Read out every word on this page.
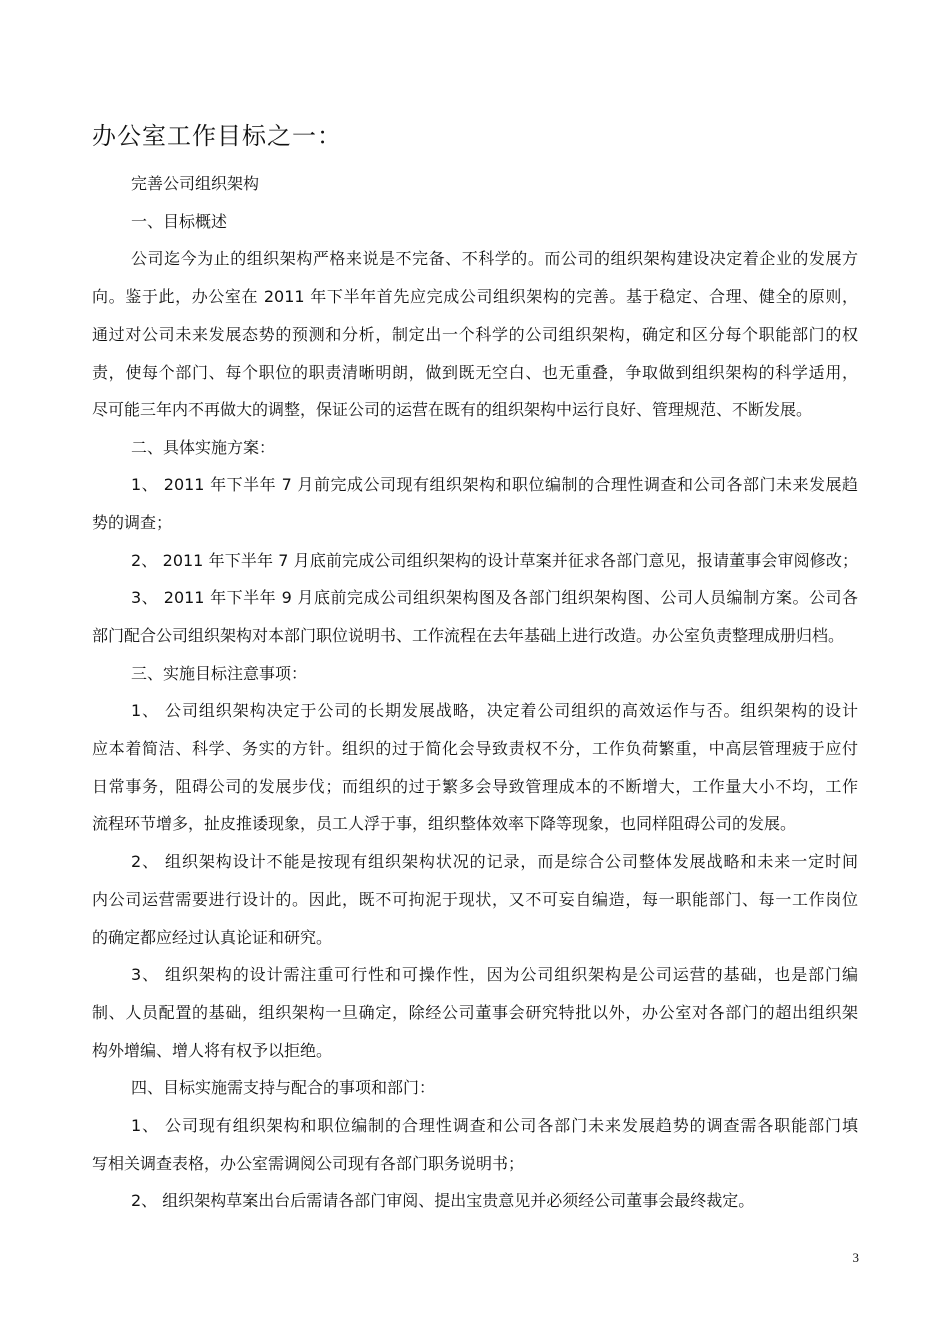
办公室工作目标之一：
完善公司组织架构
一、目标概述
公司迄今为止的组织架构严格来说是不完备、不科学的。而公司的组织架构建设决定着企业的发展方
向。鉴于此，办公室在 2011 年下半年首先应完成公司组织架构的完善。基于稳定、合理、健全的原则，
通过对公司未来发展态势的预测和分析，制定出一个科学的公司组织架构，确定和区分每个职能部门的权
责，使每个部门、每个职位的职责清晰明朗，做到既无空白、也无重叠，争取做到组织架构的科学适用，
尽可能三年内不再做大的调整，保证公司的运营在既有的组织架构中运行良好、管理规范、不断发展。
二、具体实施方案：
1、 2011 年下半年 7 月前完成公司现有组织架构和职位编制的合理性调查和公司各部门未来发展趋
势的调查；
2、 2011 年下半年 7 月底前完成公司组织架构的设计草案并征求各部门意见，报请董事会审阅修改；
3、 2011 年下半年 9 月底前完成公司组织架构图及各部门组织架构图、公司人员编制方案。公司各
部门配合公司组织架构对本部门职位说明书、工作流程在去年基础上进行改造。办公室负责整理成册归档。
三、实施目标注意事项：
1、 公司组织架构决定于公司的长期发展战略，决定着公司组织的高效运作与否。组织架构的设计
应本着简洁、科学、务实的方针。组织的过于简化会导致责权不分，工作负荷繁重，中高层管理疲于应付
日常事务，阻碍公司的发展步伐；而组织的过于繁多会导致管理成本的不断增大，工作量大小不均，工作
流程环节增多，扯皮推诿现象，员工人浮于事，组织整体效率下降等现象，也同样阻碍公司的发展。
2、 组织架构设计不能是按现有组织架构状况的记录，而是综合公司整体发展战略和未来一定时间
内公司运营需要进行设计的。因此，既不可拘泥于现状，又不可妄自编造，每一职能部门、每一工作岗位
的确定都应经过认真论证和研究。
3、 组织架构的设计需注重可行性和可操作性，因为公司组织架构是公司运营的基础，也是部门编
制、人员配置的基础，组织架构一旦确定，除经公司董事会研究特批以外，办公室对各部门的超出组织架
构外增编、增人将有权予以拒绝。
四、目标实施需支持与配合的事项和部门：
1、 公司现有组织架构和职位编制的合理性调查和公司各部门未来发展趋势的调查需各职能部门填
写相关调查表格，办公室需调阅公司现有各部门职务说明书；
2、 组织架构草案出台后需请各部门审阅、提出宝贵意见并必须经公司董事会最终裁定。
3
